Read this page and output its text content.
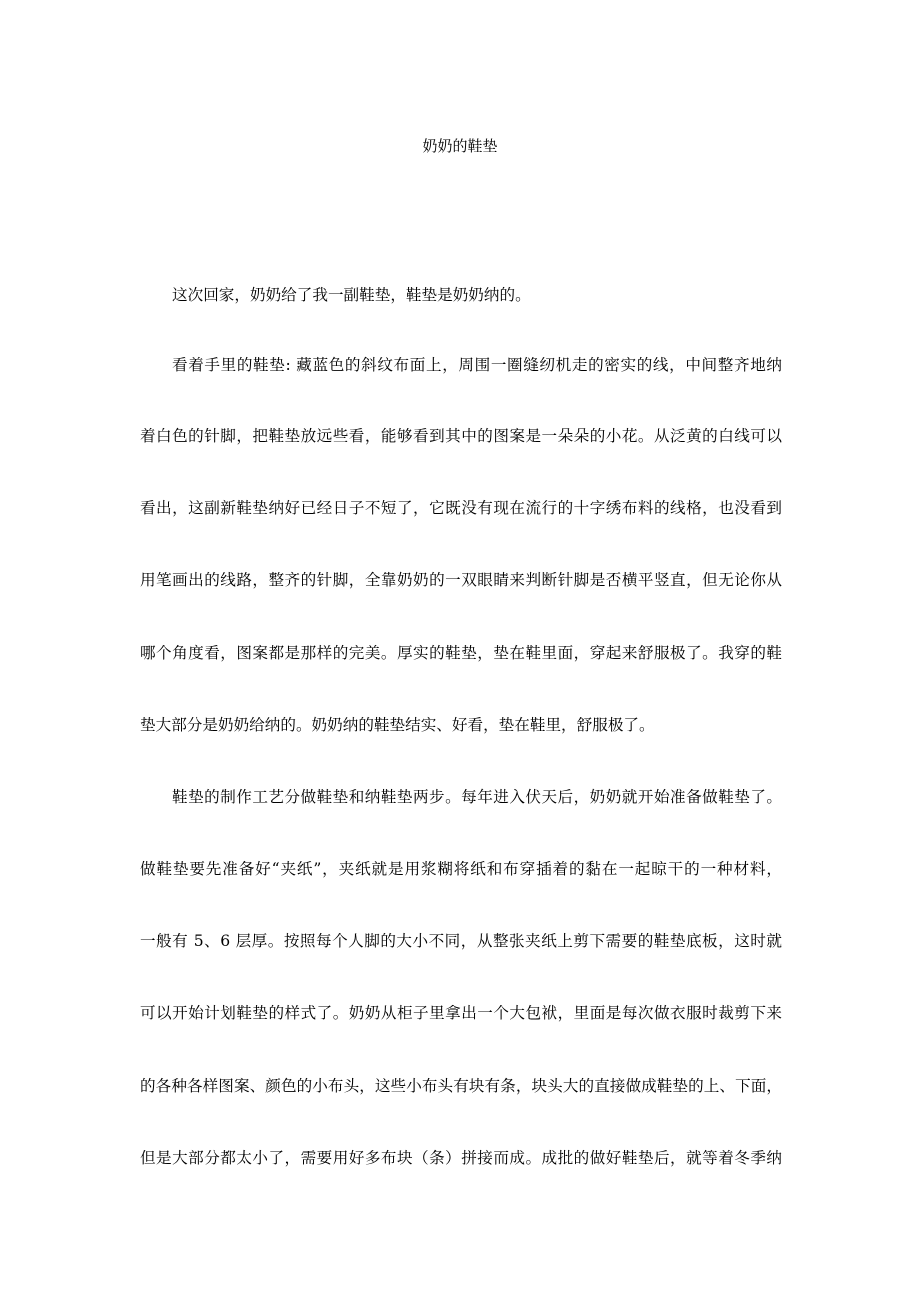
奶奶的鞋垫

这次回家，奶奶给了我一副鞋垫，鞋垫是奶奶纳的。

看着手里的鞋垫: 藏蓝色的斜纹布面上，周围一圈缝纫机走的密实的线，中间整齐地纳

着白色的针脚，把鞋垫放远些看，能够看到其中的图案是一朵朵的小花。从泛黄的白线可以

看出，这副新鞋垫纳好已经日子不短了，它既没有现在流行的十字绣布料的线格，也没看到

用笔画出的线路，整齐的针脚，全靠奶奶的一双眼睛来判断针脚是否横平竖直，但无论你从

哪个角度看，图案都是那样的完美。厚实的鞋垫，垫在鞋里面，穿起来舒服极了。我穿的鞋

垫大部分是奶奶给纳的。奶奶纳的鞋垫结实、好看，垫在鞋里，舒服极了。

鞋垫的制作工艺分做鞋垫和纳鞋垫两步。每年进入伏天后，奶奶就开始准备做鞋垫了。

做鞋垫要先准备好“夹纸”，夹纸就是用浆糊将纸和布穿插着的黏在一起晾干的一种材料，

一般有 5、6 层厚。按照每个人脚的大小不同，从整张夹纸上剪下需要的鞋垫底板，这时就

可以开始计划鞋垫的样式了。奶奶从柜子里拿出一个大包袱，里面是每次做衣服时裁剪下来

的各种各样图案、颜色的小布头，这些小布头有块有条，块头大的直接做成鞋垫的上、下面，

但是大部分都太小了，需要用好多布块（条）拼接而成。成批的做好鞋垫后，就等着冬季纳
